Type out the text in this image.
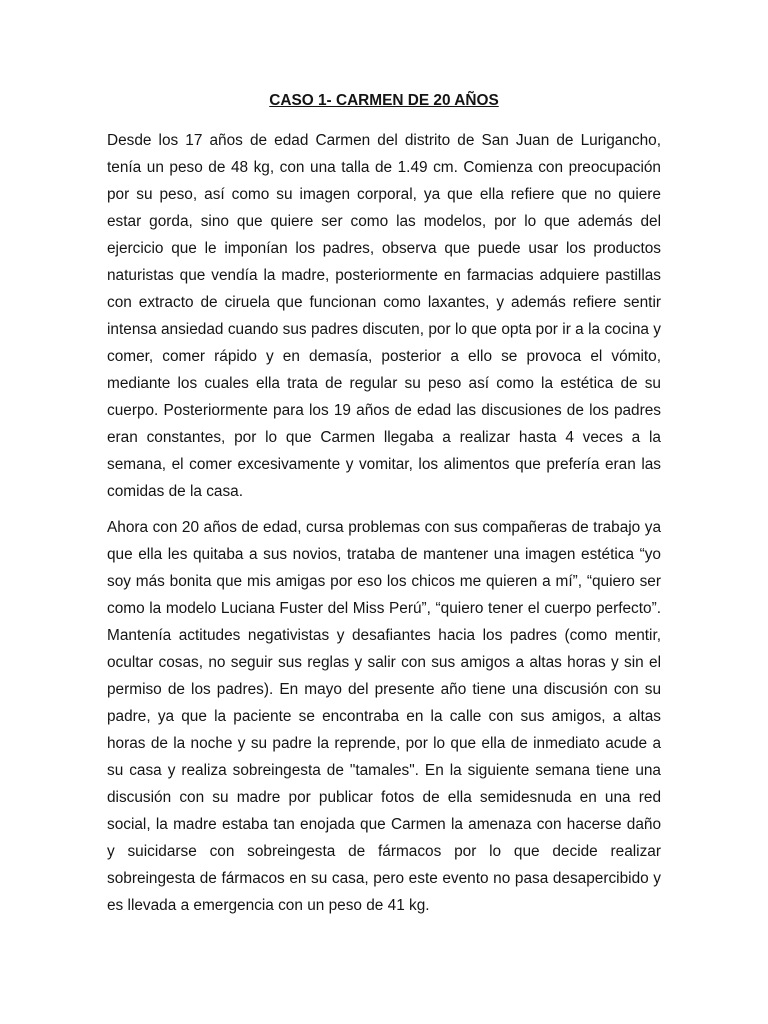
CASO 1- CARMEN DE 20 AÑOS
Desde los 17 años de edad Carmen del distrito de San Juan de Lurigancho, tenía un peso de 48 kg, con una talla de 1.49 cm. Comienza con preocupación por su peso, así como su imagen corporal, ya que ella refiere que no quiere estar gorda, sino que quiere ser como las modelos, por lo que además del ejercicio que le imponían los padres, observa que puede usar los productos naturistas que vendía la madre, posteriormente en farmacias adquiere pastillas con extracto de ciruela que funcionan como laxantes, y además refiere sentir intensa ansiedad cuando sus padres discuten, por lo que opta por ir a la cocina y comer, comer rápido y en demasía, posterior a ello se provoca el vómito, mediante los cuales ella trata de regular su peso así como la estética de su cuerpo. Posteriormente para los 19 años de edad las discusiones de los padres eran constantes, por lo que Carmen llegaba a realizar hasta 4 veces a la semana, el comer excesivamente y vomitar, los alimentos que prefería eran las comidas de la casa.
Ahora con 20 años de edad, cursa problemas con sus compañeras de trabajo ya que ella les quitaba a sus novios, trataba de mantener una imagen estética “yo soy más bonita que mis amigas por eso los chicos me quieren a mí”, “quiero ser como la modelo Luciana Fuster del Miss Perú”, “quiero tener el cuerpo perfecto”. Mantenía actitudes negativistas y desafiantes hacia los padres (como mentir, ocultar cosas, no seguir sus reglas y salir con sus amigos a altas horas y sin el permiso de los padres). En mayo del presente año tiene una discusión con su padre, ya que la paciente se encontraba en la calle con sus amigos, a altas horas de la noche y su padre la reprende, por lo que ella de inmediato acude a su casa y realiza sobreingesta de "tamales". En la siguiente semana tiene una discusión con su madre por publicar fotos de ella semidesnuda en una red social, la madre estaba tan enojada que Carmen la amenaza con hacerse daño y suicidarse con sobreingesta de fármacos por lo que decide realizar sobreingesta de fármacos en su casa, pero este evento no pasa desapercibido y es llevada a emergencia con un peso de 41 kg.
